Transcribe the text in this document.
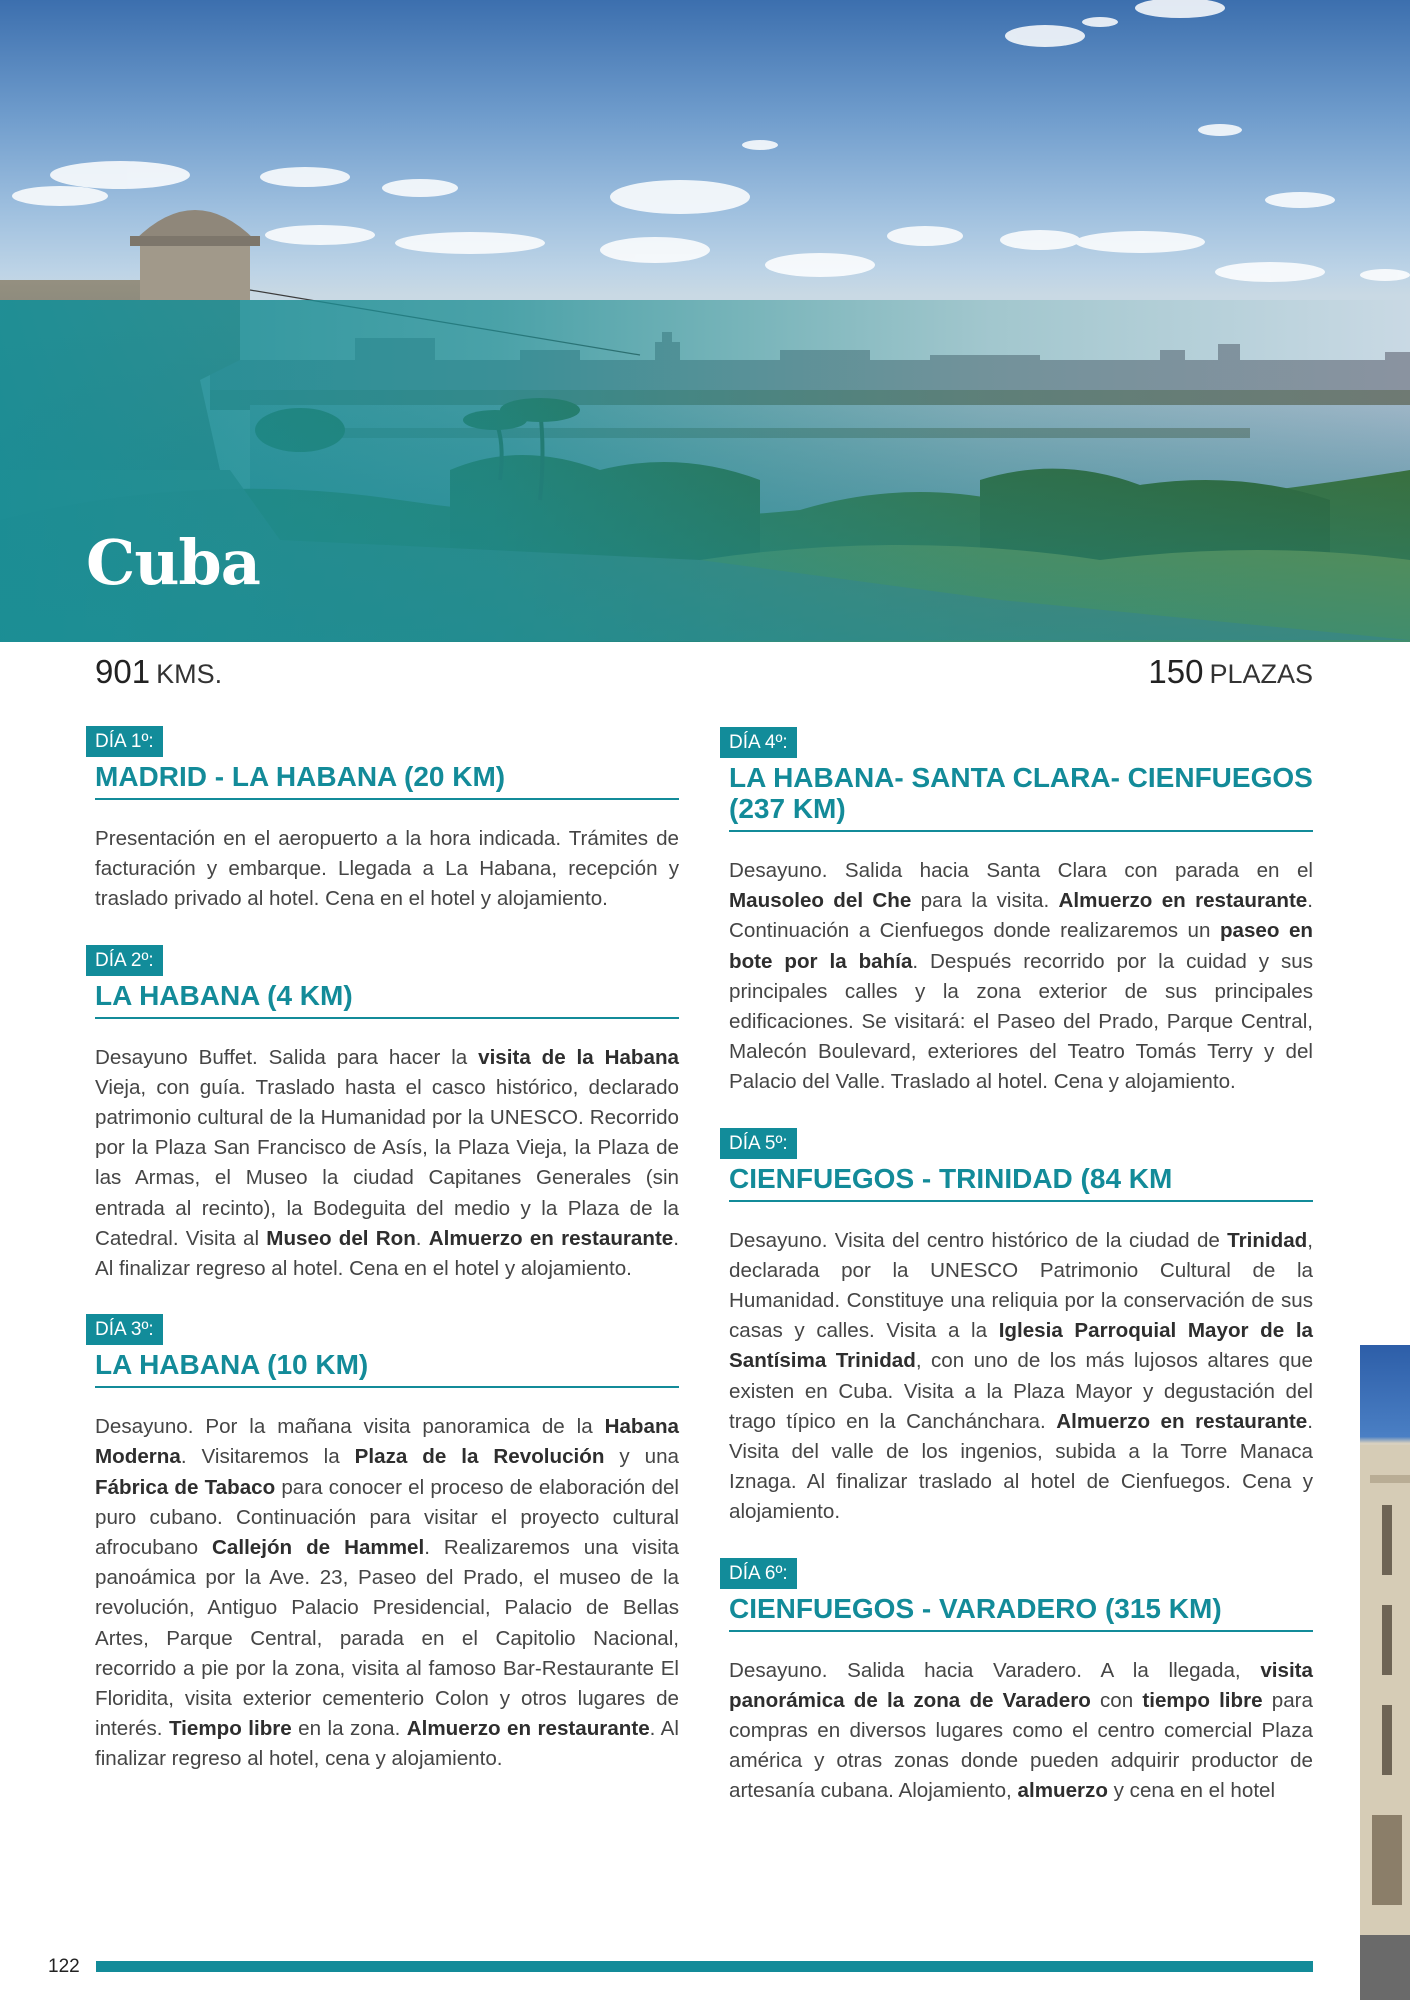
Cuba
901 KMS.	150 PLAZAS
DÍA 1º:
MADRID - LA HABANA (20 KM)

Presentación en el aeropuerto a la hora indicada. Trámites de facturación y embarque. Llegada a La Habana, recepción y traslado privado al hotel. Cena en el hotel y alojamiento.

DÍA 2º:
LA HABANA (4 KM)

Desayuno Buffet. Salida para hacer la visita de la Habana Vieja, con guía. Traslado hasta el casco histórico, declarado patrimonio cultural de la Humanidad por la UNESCO. Recorrido por la Plaza San Francisco de Asís, la Plaza Vieja, la Plaza de las Armas, el Museo la ciudad Capitanes Generales (sin entrada al recinto), la Bodeguita del medio y la Plaza de la Catedral. Visita al Museo del Ron. Almuerzo en restaurante. Al finalizar regreso al hotel. Cena en el hotel y alojamiento.

DÍA 3º:
LA HABANA (10 KM)

Desayuno. Por la mañana visita panoramica de la Habana Moderna. Visitaremos la Plaza de la Revolución y una Fábrica de Tabaco para conocer el proceso de elaboración del puro cubano. Continuación para visitar el proyecto cultural afrocubano Callejón de Hammel. Realizaremos una visita panoámica por la Ave. 23, Paseo del Prado, el museo de la revolución, Antiguo Palacio Presidencial, Palacio de Bellas Artes, Parque Central, parada en el Capitolio Nacional, recorrido a pie por la zona, visita al famoso Bar-Restaurante El Floridita, visita exterior cementerio Colon y otros lugares de interés. Tiempo libre en la zona. Almuerzo en restaurante. Al finalizar regreso al hotel, cena y alojamiento.

DÍA 4º:
LA HABANA- SANTA CLARA- CIENFUEGOS (237 KM)

Desayuno. Salida hacia Santa Clara con parada en el Mausoleo del Che para la visita. Almuerzo en restaurante. Continuación a Cienfuegos donde realizaremos un paseo en bote por la bahía. Después recorrido por la cuidad y sus principales calles y la zona exterior de sus principales edificaciones. Se visitará: el Paseo del Prado, Parque Central, Malecón Boulevard, exteriores del Teatro Tomás Terry y del Palacio del Valle. Traslado al hotel. Cena y alojamiento.

DÍA 5º:
CIENFUEGOS - TRINIDAD (84 KM

Desayuno. Visita del centro histórico de la ciudad de Trinidad, declarada por la UNESCO Patrimonio Cultural de la Humanidad. Constituye una reliquia por la conservación de sus casas y calles. Visita a la Iglesia Parroquial Mayor de la Santísima Trinidad, con uno de los más lujosos altares que existen en Cuba. Visita a la Plaza Mayor y degustación del trago típico en la Canchánchara. Almuerzo en restaurante. Visita del valle de los ingenios, subida a la Torre Manaca Iznaga. Al finalizar traslado al hotel de Cienfuegos. Cena y alojamiento.

DÍA 6º:
CIENFUEGOS - VARADERO (315 KM)

Desayuno. Salida hacia Varadero. A la llegada, visita panorámica de la zona de Varadero con tiempo libre para compras en diversos lugares como el centro comercial Plaza américa y otras zonas donde pueden adquirir productor de artesanía cubana. Alojamiento, almuerzo y cena en el hotel

122
